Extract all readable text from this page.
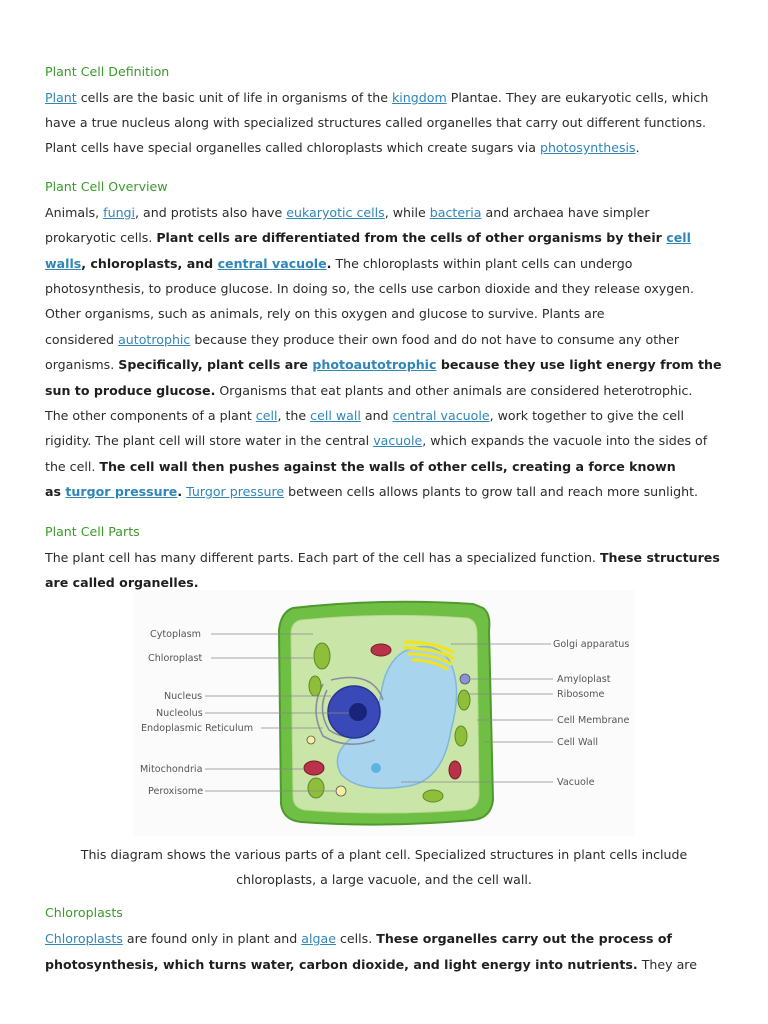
Plant Cell Definition
Plant cells are the basic unit of life in organisms of the kingdom Plantae. They are eukaryotic cells, which
have a true nucleus along with specialized structures called organelles that carry out different functions.
Plant cells have special organelles called chloroplasts which create sugars via photosynthesis.
Plant Cell Overview
Animals, fungi, and protists also have eukaryotic cells, while bacteria and archaea have simpler
prokaryotic cells. Plant cells are differentiated from the cells of other organisms by their cell
walls, chloroplasts, and central vacuole. The chloroplasts within plant cells can undergo
photosynthesis, to produce glucose. In doing so, the cells use carbon dioxide and they release oxygen.
Other organisms, such as animals, rely on this oxygen and glucose to survive. Plants are
considered autotrophic because they produce their own food and do not have to consume any other
organisms. Specifically, plant cells are photoautotrophic because they use light energy from the
sun to produce glucose. Organisms that eat plants and other animals are considered heterotrophic.
The other components of a plant cell, the cell wall and central vacuole, work together to give the cell
rigidity. The plant cell will store water in the central vacuole, which expands the vacuole into the sides of
the cell. The cell wall then pushes against the walls of other cells, creating a force known
as turgor pressure. Turgor pressure between cells allows plants to grow tall and reach more sunlight.
Plant Cell Parts
The plant cell has many different parts. Each part of the cell has a specialized function. These structures
are called organelles.
Cytoplasm
Chloroplast
Nucleus
Nucleolus
Endoplasmic Reticulum
Mitochondria
Peroxisome
Golgi apparatus
Amyloplast
Ribosome
Cell Membrane
Cell Wall
Vacuole
This diagram shows the various parts of a plant cell. Specialized structures in plant cells include
chloroplasts, a large vacuole, and the cell wall.
Chloroplasts
Chloroplasts are found only in plant and algae cells. These organelles carry out the process of
photosynthesis, which turns water, carbon dioxide, and light energy into nutrients. They are
